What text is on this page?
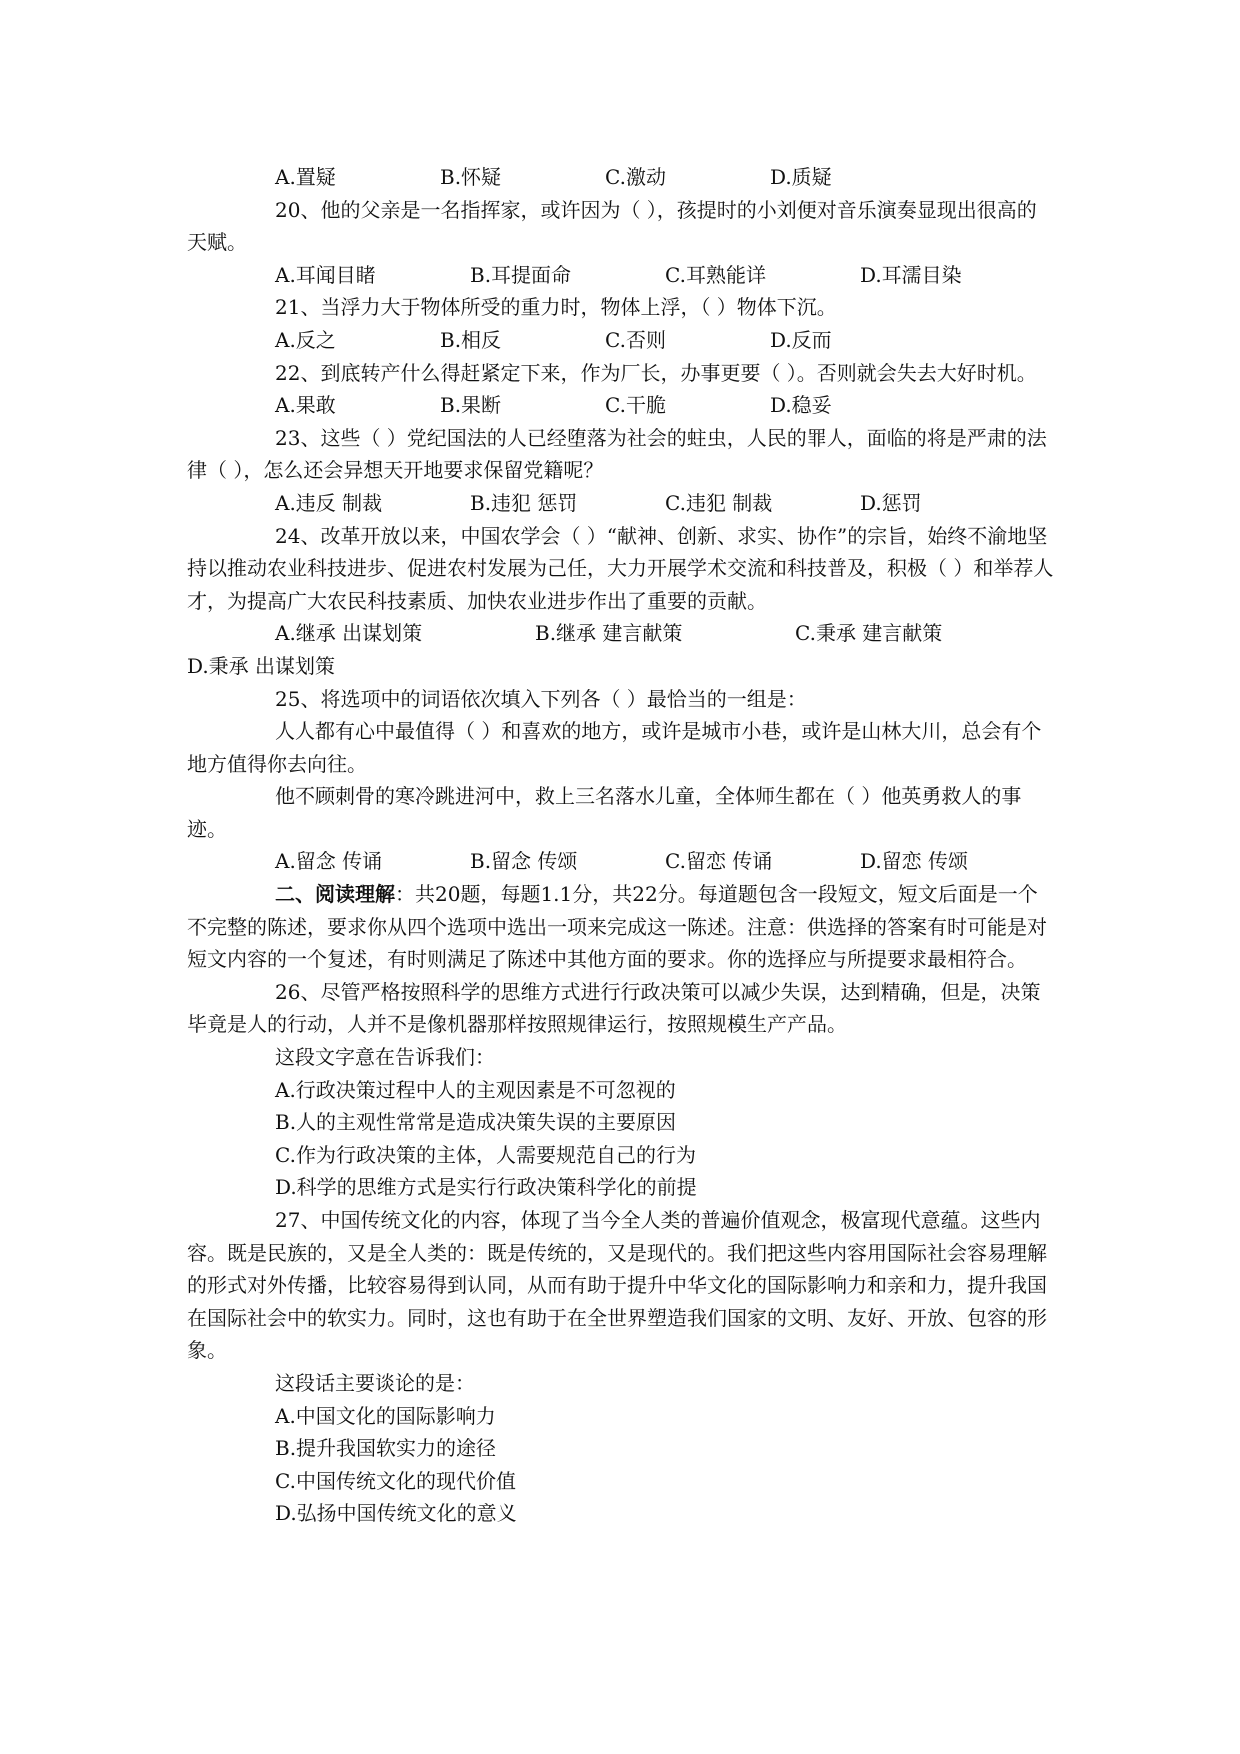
A.置疑	B.怀疑	C.激动	D.质疑

20、他的父亲是一名指挥家，或许因为（ ），孩提时的小刘便对音乐演奏显现出很高的天赋。

A.耳闻目睹	B.耳提面命	C.耳熟能详	D.耳濡目染

21、当浮力大于物体所受的重力时，物体上浮，（ ）物体下沉。

A.反之	B.相反	C.否则	D.反而

22、到底转产什么得赶紧定下来，作为厂长，办事更要（ ）。否则就会失去大好时机。

A.果敢	B.果断	C.干脆	D.稳妥

23、这些（ ）党纪国法的人已经堕落为社会的蛀虫，人民的罪人，面临的将是严肃的法律（ ），怎么还会异想天开地要求保留党籍呢？

A.违反 制裁	B.违犯 惩罚	C.违犯 制裁	D.惩罚

24、改革开放以来，中国农学会（ ）“献神、创新、求实、协作”的宗旨，始终不渝地坚持以推动农业科技进步、促进农村发展为己任，大力开展学术交流和科技普及，积极（ ）和举荐人才，为提高广大农民科技素质、加快农业进步作出了重要的贡献。

A.继承 出谋划策	B.继承 建言献策	C.秉承 建言献策

D.秉承 出谋划策

25、将选项中的词语依次填入下列各（ ）最恰当的一组是：

人人都有心中最值得（ ）和喜欢的地方，或许是城市小巷，或许是山林大川，总会有个地方值得你去向往。

他不顾刺骨的寒冷跳进河中，救上三名落水儿童，全体师生都在（ ）他英勇救人的事迹。

A.留念 传诵	B.留念 传颂	C.留恋 传诵	D.留恋 传颂

二、阅读理解：共20题，每题1.1分，共22分。每道题包含一段短文，短文后面是一个不完整的陈述，要求你从四个选项中选出一项来完成这一陈述。注意：供选择的答案有时可能是对短文内容的一个复述，有时则满足了陈述中其他方面的要求。你的选择应与所提要求最相符合。

26、尽管严格按照科学的思维方式进行行政决策可以减少失误，达到精确，但是，决策毕竟是人的行动，人并不是像机器那样按照规律运行，按照规模生产产品。

这段文字意在告诉我们：

A.行政决策过程中人的主观因素是不可忽视的

B.人的主观性常常是造成决策失误的主要原因

C.作为行政决策的主体，人需要规范自己的行为

D.科学的思维方式是实行行政决策科学化的前提

27、中国传统文化的内容，体现了当今全人类的普遍价值观念，极富现代意蕴。这些内容。既是民族的，又是全人类的：既是传统的，又是现代的。我们把这些内容用国际社会容易理解的形式对外传播，比较容易得到认同，从而有助于提升中华文化的国际影响力和亲和力，提升我国在国际社会中的软实力。同时，这也有助于在全世界塑造我们国家的文明、友好、开放、包容的形象。

这段话主要谈论的是：

A.中国文化的国际影响力

B.提升我国软实力的途径

C.中国传统文化的现代价值

D.弘扬中国传统文化的意义
